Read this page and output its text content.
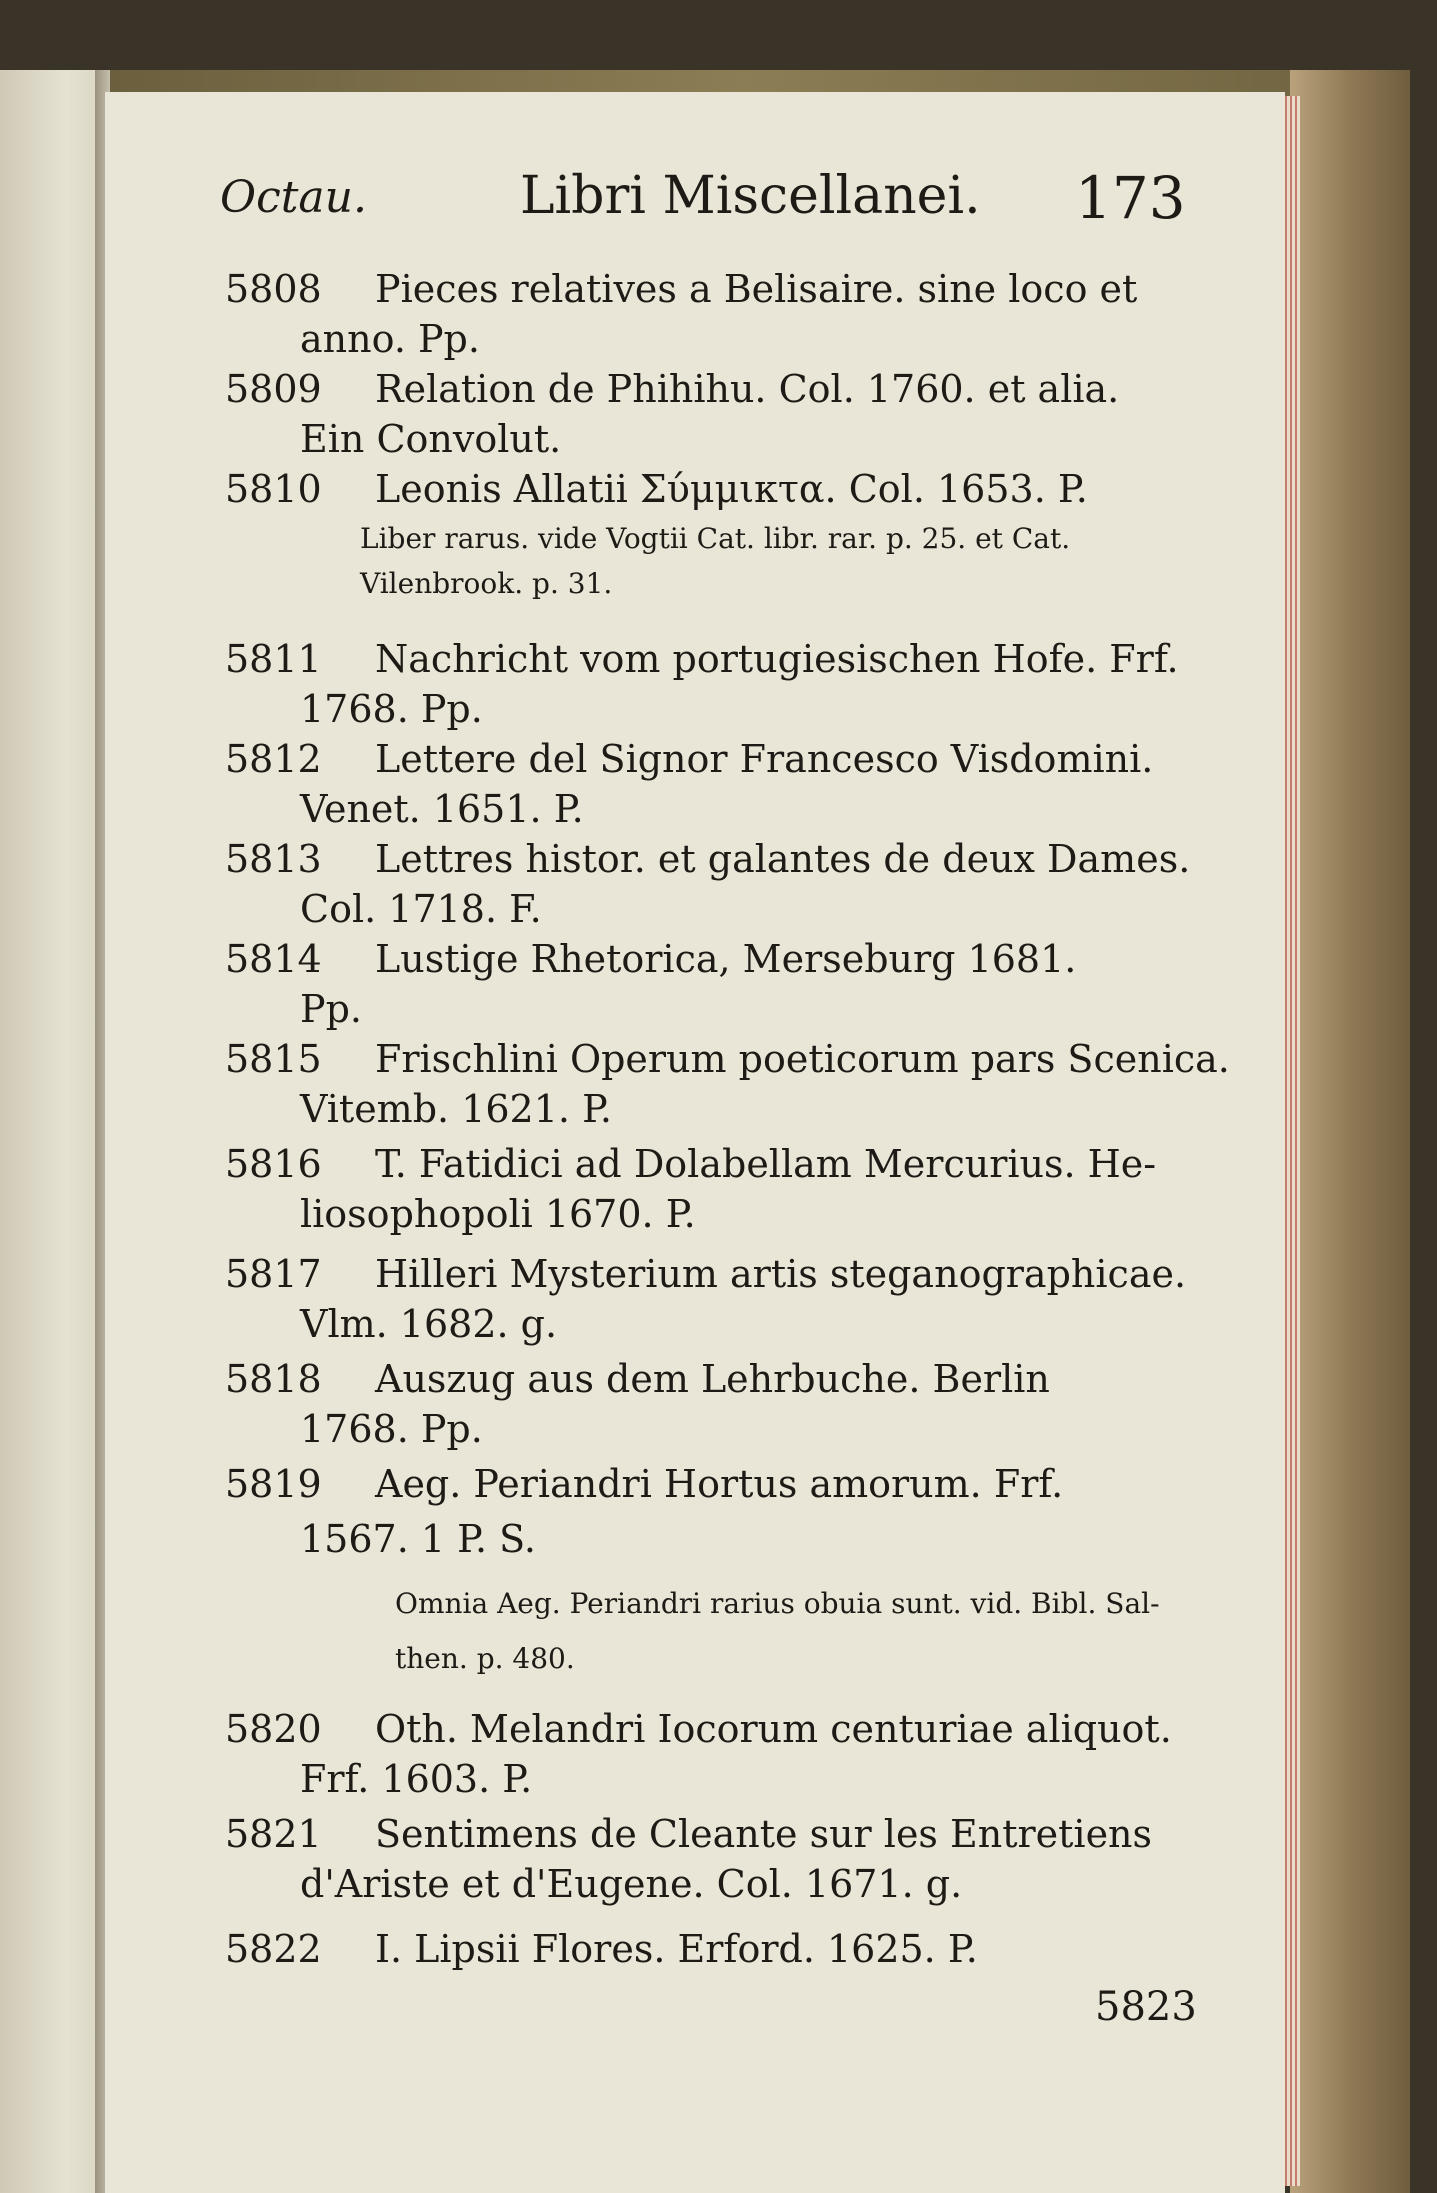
Octau.	Libri Miscellanei. 173
5808 Pieces relatives a Belisaire. sine loco et
anno. Pp.
5809 Relation de Phihihu. Col. 1760. et alia.
Ein Convolut.
5810 Leonis Allatii Σύμμικτα. Col. 1653. P.
Liber rarus. vide Vogtii Cat. libr. rar. p. 25. et Cat.
Vilenbrook. p. 31.
5811 Nachricht vom portugiesischen Hofe. Frf.
1768. Pp.
5812 Lettere del Signor Francesco Visdomini.
Venet. 1651. P.
5813 Lettres histor. et galantes de deux Dames.
Col. 1718. F.
5814 Lustige Rhetorica, Merseburg 1681.
Pp.
5815 Frischlini Operum poeticorum pars Scenica.
Vitemb. 1621. P.
5816 T. Fatidici ad Dolabellam Mercurius. He-
liosophopoli 1670. P.
5817 Hilleri Mysterium artis steganographicae.
Vlm. 1682. g.
5818 Auszug aus dem Lehrbuche. Berlin
1768. Pp.
5819 Aeg. Periandri Hortus amorum. Frf.
1567. 1 P. S.
Omnia Aeg. Periandri rarius obuia sunt. vid. Bibl. Sal-
then. p. 480.
5820 Oth. Melandri Iocorum centuriae aliquot.
Frf. 1603. P.
5821 Sentimens de Cleante sur les Entretiens
d'Ariste et d'Eugene. Col. 1671. g.
5822 I. Lipsii Flores. Erford. 1625. P.
5823
